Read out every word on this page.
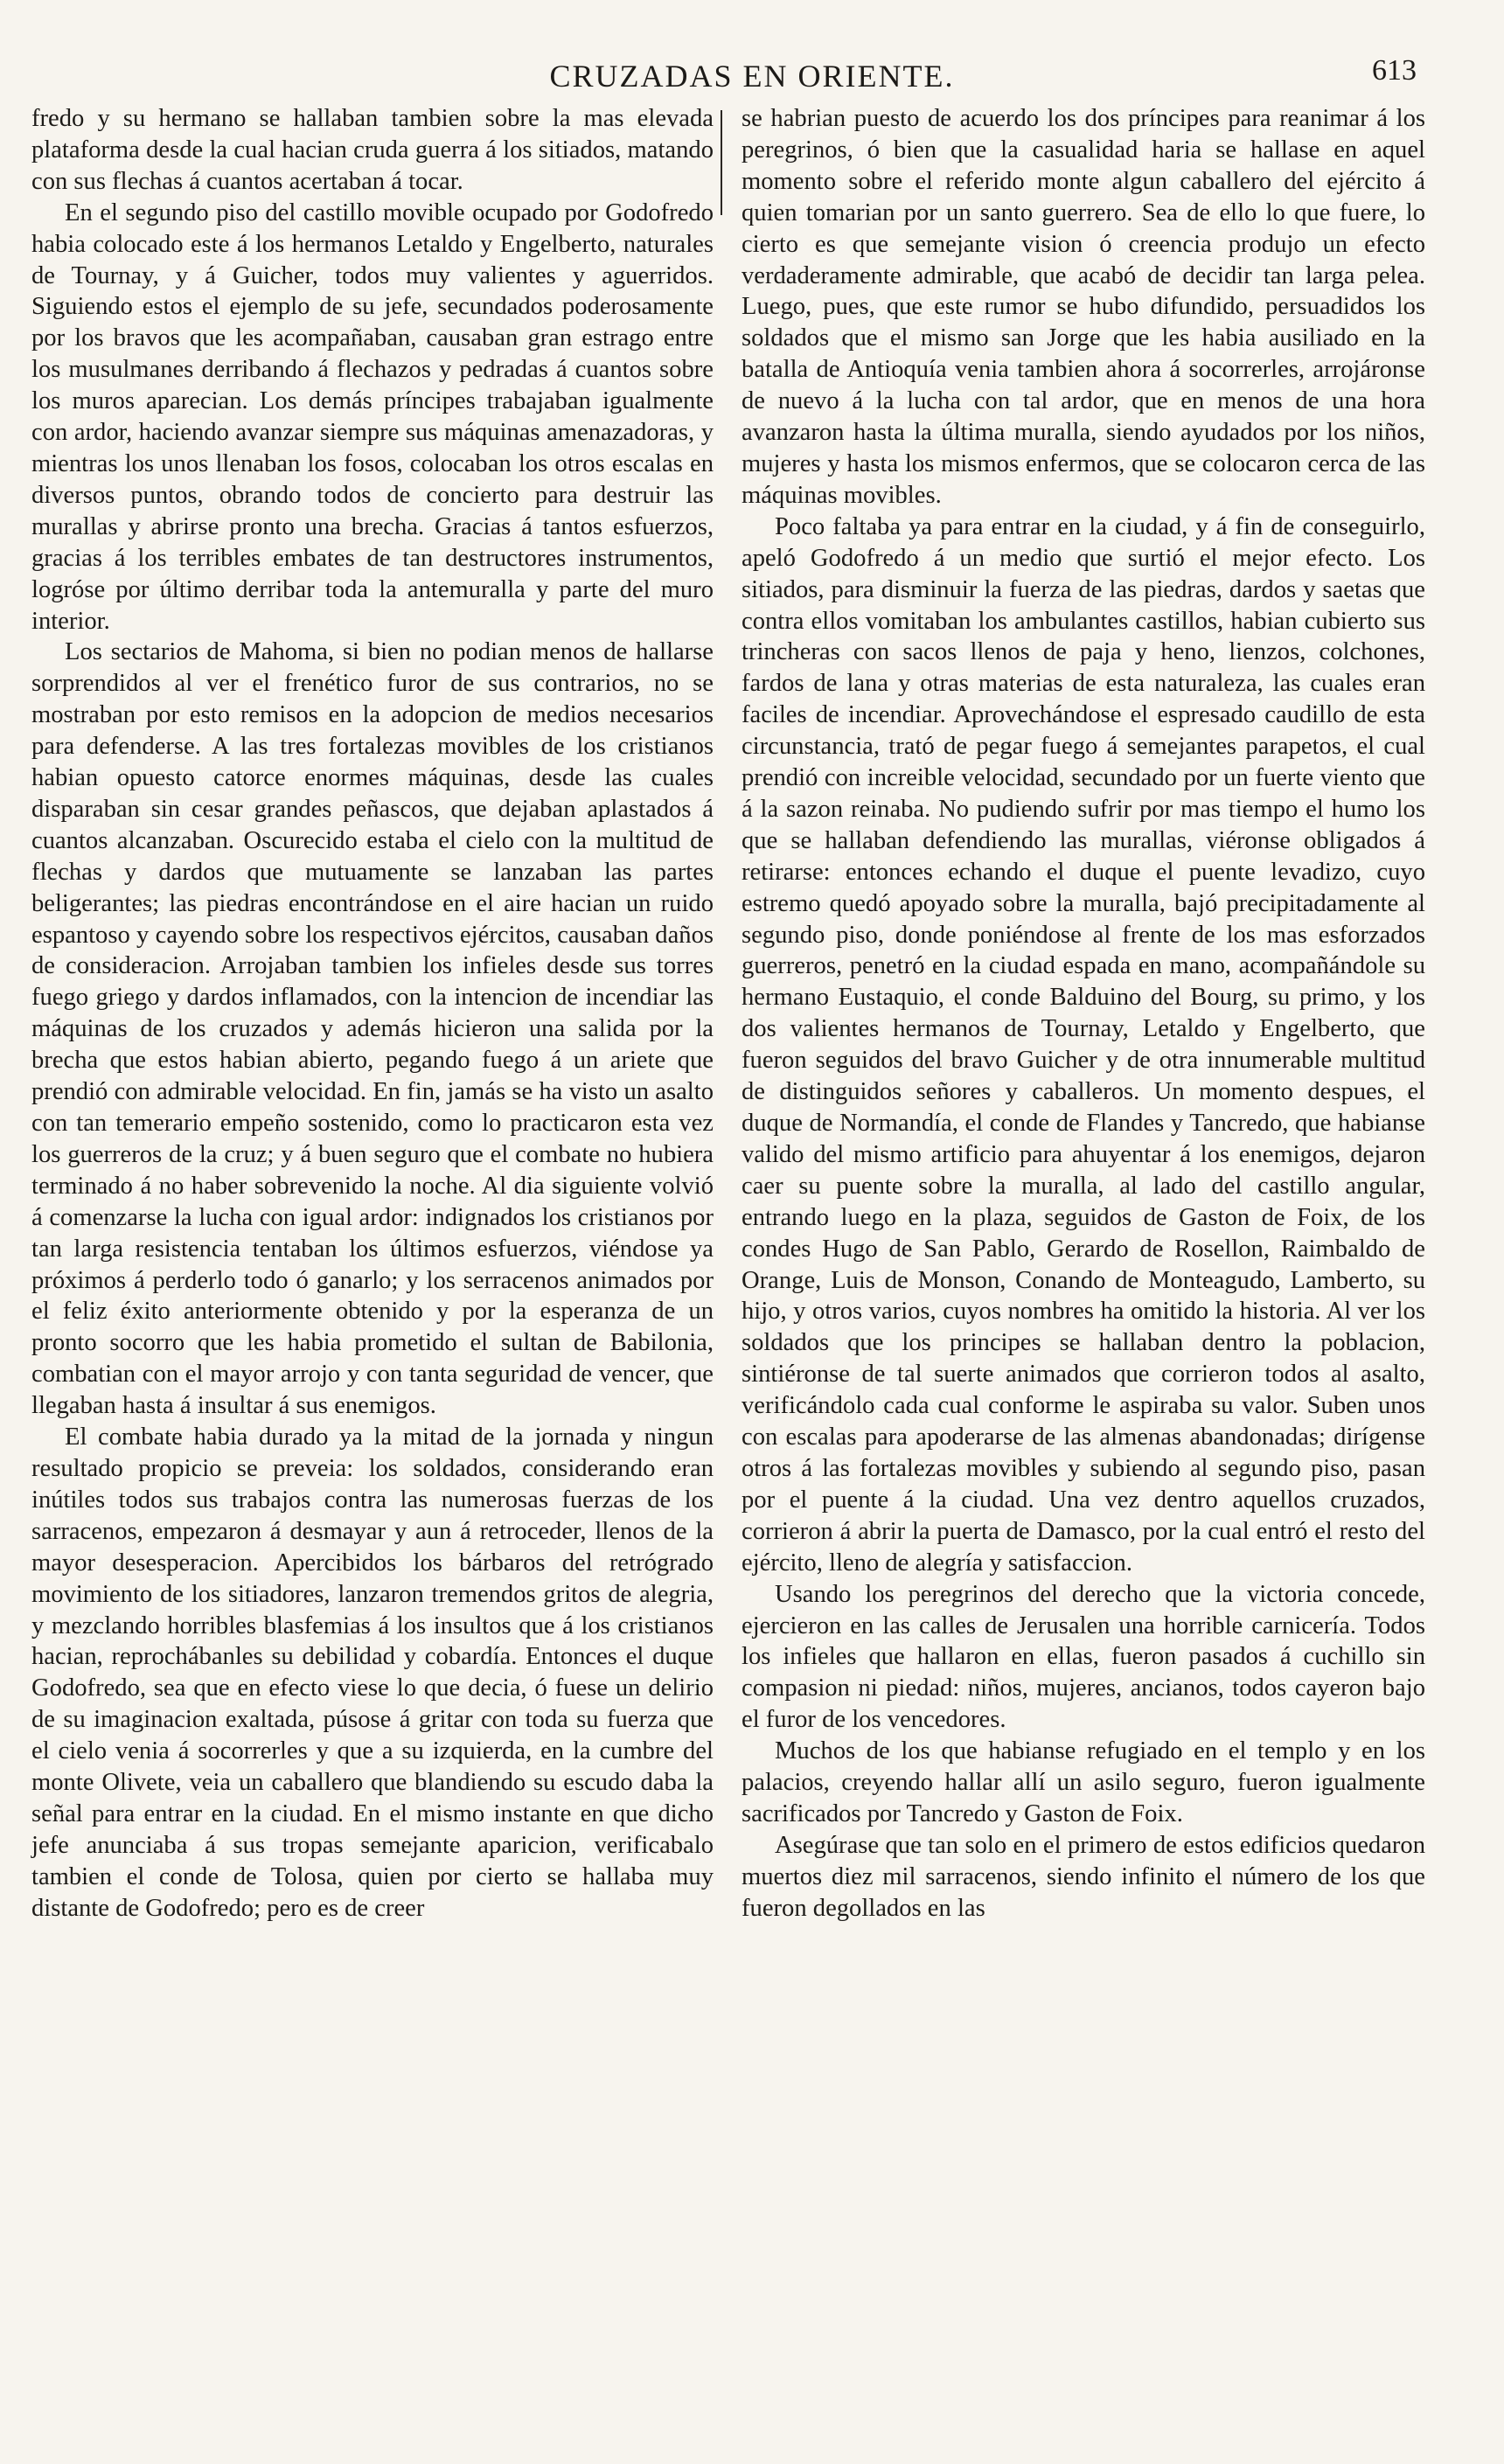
CRUZADAS EN ORIENTE.	613

fredo y su hermano se hallaban tambien sobre la mas elevada plataforma desde la cual hacian cruda guerra á los sitiados, matando con sus flechas á cuantos acertaban á tocar.

En el segundo piso del castillo movible ocupado por Godofredo habia colocado este á los hermanos Letaldo y Engelberto, naturales de Tournay, y á Guicher, todos muy valientes y aguerridos. Siguiendo estos el ejemplo de su jefe, secundados poderosamente por los bravos que les acompañaban, causaban gran estrago entre los musulmanes derribando á flechazos y pedradas á cuantos sobre los muros aparecian. Los demás príncipes trabajaban igualmente con ardor, haciendo avanzar siempre sus máquinas amenazadoras, y mientras los unos llenaban los fosos, colocaban los otros escalas en diversos puntos, obrando todos de concierto para destruir las murallas y abrirse pronto una brecha. Gracias á tantos esfuerzos, gracias á los terribles embates de tan destructores instrumentos, logróse por último derribar toda la antemuralla y parte del muro interior.

Los sectarios de Mahoma, si bien no podian menos de hallarse sorprendidos al ver el frenético furor de sus contrarios, no se mostraban por esto remisos en la adopcion de medios necesarios para defenderse. A las tres fortalezas movibles de los cristianos habian opuesto catorce enormes máquinas, desde las cuales disparaban sin cesar grandes peñascos, que dejaban aplastados á cuantos alcanzaban. Oscurecido estaba el cielo con la multitud de flechas y dardos que mutuamente se lanzaban las partes beligerantes; las piedras encontrándose en el aire hacian un ruido espantoso y cayendo sobre los respectivos ejércitos, causaban daños de consideracion. Arrojaban tambien los infieles desde sus torres fuego griego y dardos inflamados, con la intencion de incendiar las máquinas de los cruzados y además hicieron una salida por la brecha que estos habian abierto, pegando fuego á un ariete que prendió con admirable velocidad. En fin, jamás se ha visto un asalto con tan temerario empeño sostenido, como lo practicaron esta vez los guerreros de la cruz; y á buen seguro que el combate no hubiera terminado á no haber sobrevenido la noche. Al dia siguiente volvió á comenzarse la lucha con igual ardor: indignados los cristianos por tan larga resistencia tentaban los últimos esfuerzos, viéndose ya próximos á perderlo todo ó ganarlo; y los serracenos animados por el feliz éxito anteriormente obtenido y por la esperanza de un pronto socorro que les habia prometido el sultan de Babilonia, combatian con el mayor arrojo y con tanta seguridad de vencer, que llegaban hasta á insultar á sus enemigos.

El combate habia durado ya la mitad de la jornada y ningun resultado propicio se preveia: los soldados, considerando eran inútiles todos sus trabajos contra las numerosas fuerzas de los sarracenos, empezaron á desmayar y aun á retroceder, llenos de la mayor desesperacion. Apercibidos los bárbaros del retrógrado movimiento de los sitiadores, lanzaron tremendos gritos de alegria, y mezclando horribles blasfemias á los insultos que á los cristianos hacian, reprochábanles su debilidad y cobardía. Entonces el duque Godofredo, sea que en efecto viese lo que decia, ó fuese un delirio de su imaginacion exaltada, púsose á gritar con toda su fuerza que el cielo venia á socorrerles y que a su izquierda, en la cumbre del monte Olivete, veia un caballero que blandiendo su escudo daba la señal para entrar en la ciudad. En el mismo instante en que dicho jefe anunciaba á sus tropas semejante aparicion, verificabalo tambien el conde de Tolosa, quien por cierto se hallaba muy distante de Godofredo; pero es de creer

se habrian puesto de acuerdo los dos príncipes para reanimar á los peregrinos, ó bien que la casualidad haria se hallase en aquel momento sobre el referido monte algun caballero del ejército á quien tomarian por un santo guerrero. Sea de ello lo que fuere, lo cierto es que semejante vision ó creencia produjo un efecto verdaderamente admirable, que acabó de decidir tan larga pelea. Luego, pues, que este rumor se hubo difundido, persuadidos los soldados que el mismo san Jorge que les habia ausiliado en la batalla de Antioquía venia tambien ahora á socorrerles, arrojáronse de nuevo á la lucha con tal ardor, que en menos de una hora avanzaron hasta la última muralla, siendo ayudados por los niños, mujeres y hasta los mismos enfermos, que se colocaron cerca de las máquinas movibles.

Poco faltaba ya para entrar en la ciudad, y á fin de conseguirlo, apeló Godofredo á un medio que surtió el mejor efecto. Los sitiados, para disminuir la fuerza de las piedras, dardos y saetas que contra ellos vomitaban los ambulantes castillos, habian cubierto sus trincheras con sacos llenos de paja y heno, lienzos, colchones, fardos de lana y otras materias de esta naturaleza, las cuales eran faciles de incendiar. Aprovechándose el espresado caudillo de esta circunstancia, trató de pegar fuego á semejantes parapetos, el cual prendió con increible velocidad, secundado por un fuerte viento que á la sazon reinaba. No pudiendo sufrir por mas tiempo el humo los que se hallaban defendiendo las murallas, viéronse obligados á retirarse: entonces echando el duque el puente levadizo, cuyo estremo quedó apoyado sobre la muralla, bajó precipitadamente al segundo piso, donde poniéndose al frente de los mas esforzados guerreros, penetró en la ciudad espada en mano, acompañándole su hermano Eustaquio, el conde Balduino del Bourg, su primo, y los dos valientes hermanos de Tournay, Letaldo y Engelberto, que fueron seguidos del bravo Guicher y de otra innumerable multitud de distinguidos señores y caballeros. Un momento despues, el duque de Normandía, el conde de Flandes y Tancredo, que habianse valido del mismo artificio para ahuyentar á los enemigos, dejaron caer su puente sobre la muralla, al lado del castillo angular, entrando luego en la plaza, seguidos de Gaston de Foix, de los condes Hugo de San Pablo, Gerardo de Rosellon, Raimbaldo de Orange, Luis de Monson, Conando de Monteagudo, Lamberto, su hijo, y otros varios, cuyos nombres ha omitido la historia. Al ver los soldados que los principes se hallaban dentro la poblacion, sintiéronse de tal suerte animados que corrieron todos al asalto, verificándolo cada cual conforme le aspiraba su valor. Suben unos con escalas para apoderarse de las almenas abandonadas; dirígense otros á las fortalezas movibles y subiendo al segundo piso, pasan por el puente á la ciudad. Una vez dentro aquellos cruzados, corrieron á abrir la puerta de Damasco, por la cual entró el resto del ejército, lleno de alegría y satisfaccion.

Usando los peregrinos del derecho que la victoria concede, ejercieron en las calles de Jerusalen una horrible carnicería. Todos los infieles que hallaron en ellas, fueron pasados á cuchillo sin compasion ni piedad: niños, mujeres, ancianos, todos cayeron bajo el furor de los vencedores.

Muchos de los que habianse refugiado en el templo y en los palacios, creyendo hallar allí un asilo seguro, fueron igualmente sacrificados por Tancredo y Gaston de Foix.

Asegúrase que tan solo en el primero de estos edificios quedaron muertos diez mil sarracenos, siendo infinito el número de los que fueron degollados en las
